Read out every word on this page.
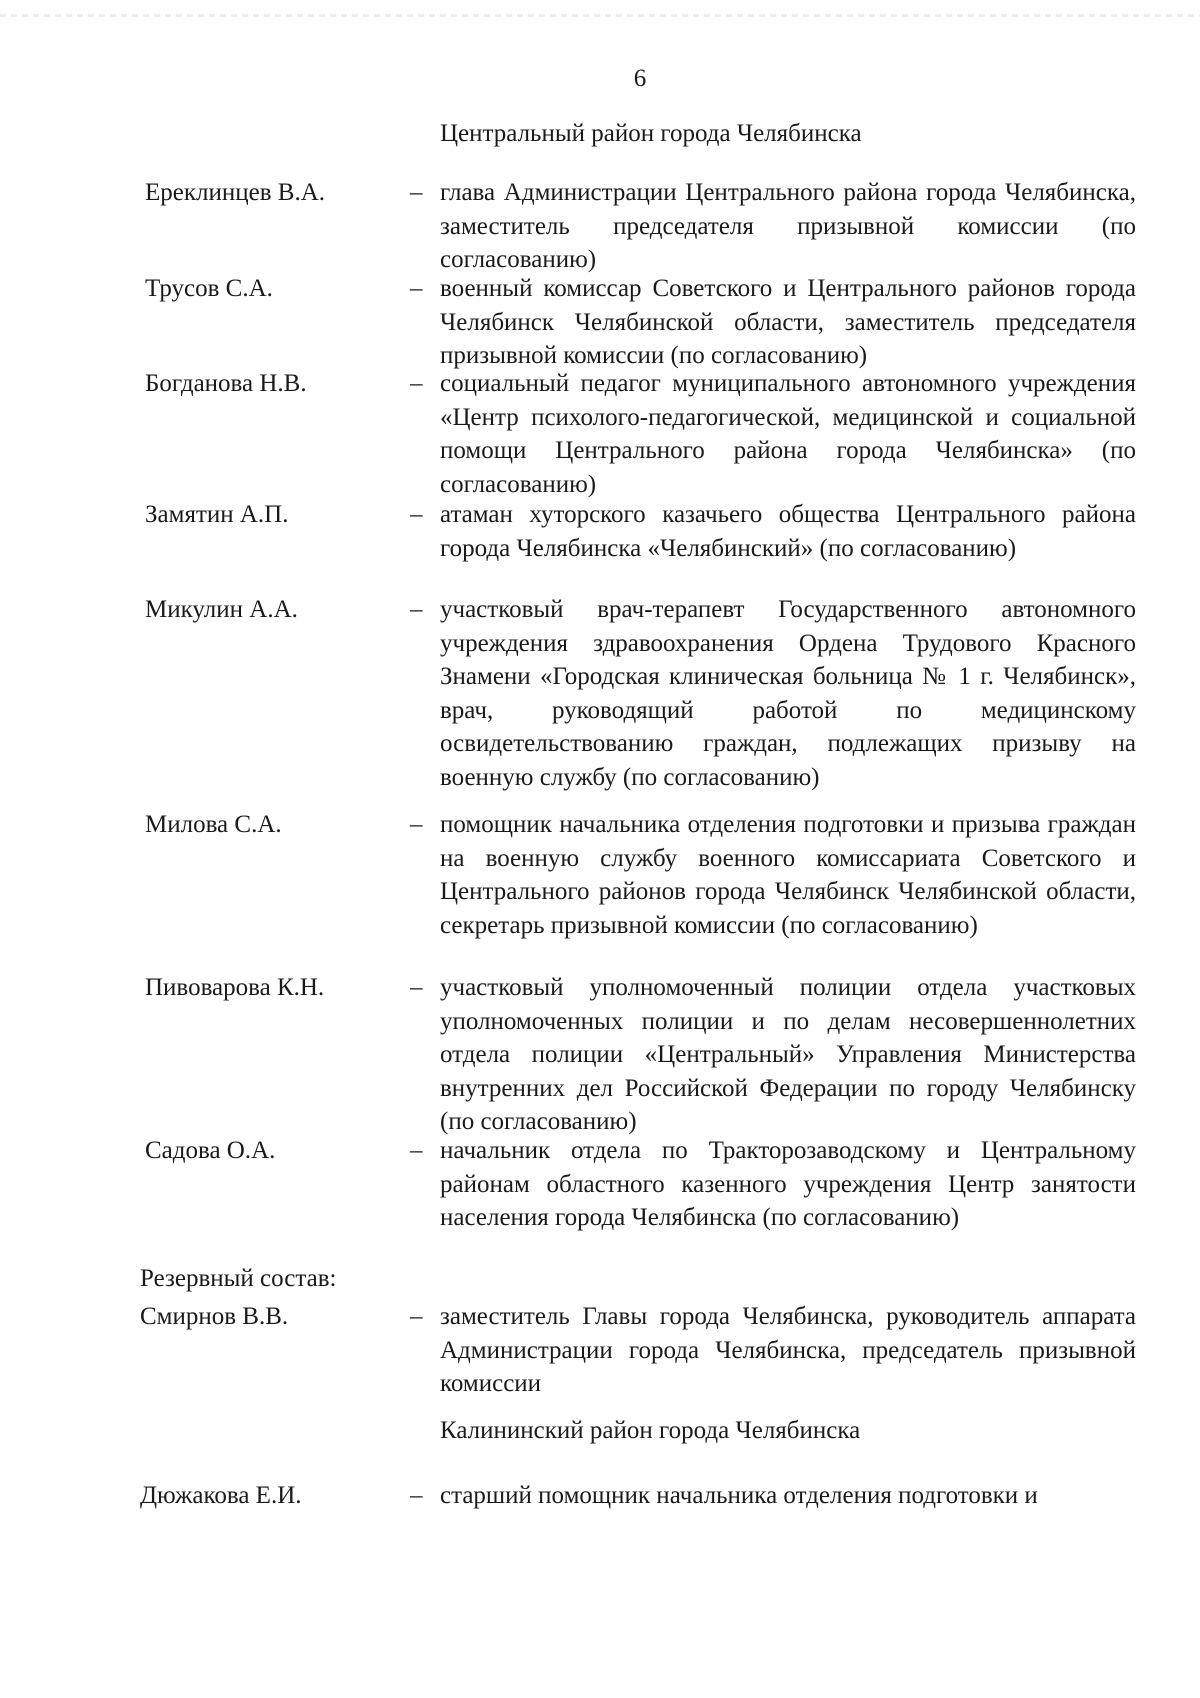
6
Центральный район города Челябинска
Ереклинцев В.А.	– глава Администрации Центрального района города Челябинска, заместитель председателя призывной комиссии (по согласованию)
Трусов С.А.	– военный комиссар Советского и Центрального районов города Челябинск Челябинской области, заместитель председателя призывной комиссии (по согласованию)
Богданова Н.В.	– социальный педагог муниципального автономного учреждения «Центр психолого-педагогической, медицинской и социальной помощи Центрального района города Челябинска» (по согласованию)
Замятин А.П.	– атаман хуторского казачьего общества Центрального района города Челябинска «Челябинский» (по согласованию)
Микулин А.А.	– участковый врач-терапевт Государственного автономного учреждения здравоохранения Ордена Трудового Красного Знамени «Городская клиническая больница № 1 г. Челябинск», врач, руководящий работой по медицинскому освидетельствованию граждан, подлежащих призыву на военную службу (по согласованию)
Милова С.А.	– помощник начальника отделения подготовки и призыва граждан на военную службу военного комиссариата Советского и Центрального районов города Челябинск Челябинской области, секретарь призывной комиссии (по согласованию)
Пивоварова К.Н.	– участковый уполномоченный полиции отдела участковых уполномоченных полиции и по делам несовершеннолетних отдела полиции «Центральный» Управления Министерства внутренних дел Российской Федерации по городу Челябинску (по согласованию)
Садова О.А.	– начальник отдела по Тракторозаводскому и Центральному районам областного казенного учреждения Центр занятости населения города Челябинска (по согласованию)
Резервный состав:
Смирнов В.В.	– заместитель Главы города Челябинска, руководитель аппарата Администрации города Челябинска, председатель призывной комиссии
Калининский район города Челябинска
Дюжакова Е.И.	– старший помощник начальника отделения подготовки и
